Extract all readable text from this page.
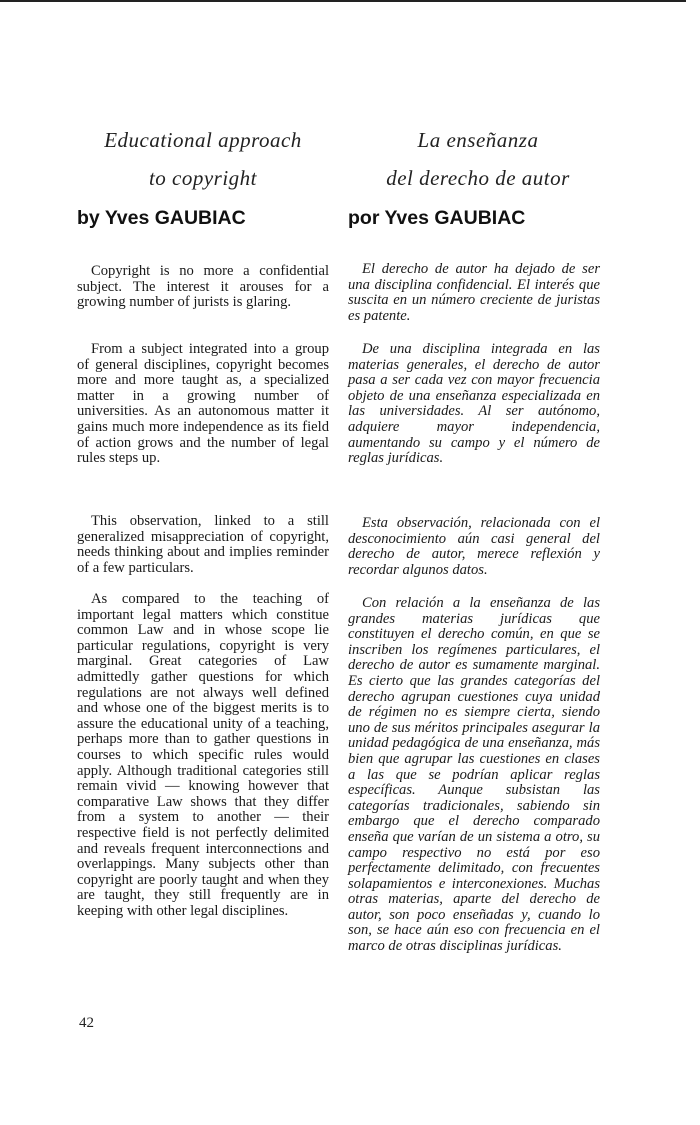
Educational approach
to copyright

by Yves GAUBIAC

Copyright is no more a confidential subject. The interest it arouses for a growing number of jurists is glaring.

From a subject integrated into a group of general disciplines, copyright becomes more and more taught as, a specialized matter in a growing number of universities. As an autonomous matter it gains much more independence as its field of action grows and the number of legal rules steps up.

This observation, linked to a still generalized misappreciation of copyright, needs thinking about and implies reminder of a few particulars.

As compared to the teaching of important legal matters which constitue common Law and in whose scope lie particular regulations, copyright is very marginal. Great categories of Law admittedly gather questions for which regulations are not always well defined and whose one of the biggest merits is to assure the educational unity of a teaching, perhaps more than to gather questions in courses to which specific rules would apply. Although traditional categories still remain vivid — knowing however that comparative Law shows that they differ from a system to another — their respective field is not perfectly delimited and reveals frequent interconnections and overlappings. Many subjects other than copyright are poorly taught and when they are taught, they still frequently are in keeping with other legal disciplines.

La enseñanza
del derecho de autor

por Yves GAUBIAC

El derecho de autor ha dejado de ser una disciplina confidencial. El interés que suscita en un número creciente de juristas es patente.

De una disciplina integrada en las materias generales, el derecho de autor pasa a ser cada vez con mayor frecuencia objeto de una enseñanza especializada en las universidades. Al ser autónomo, adquiere mayor independencia, aumentando su campo y el número de reglas jurídicas.

Esta observación, relacionada con el desconocimiento aún casi general del derecho de autor, merece reflexión y recordar algunos datos.

Con relación a la enseñanza de las grandes materias jurídicas que constituyen el derecho común, en que se inscriben los regímenes particulares, el derecho de autor es sumamente marginal. Es cierto que las grandes categorías del derecho agrupan cuestiones cuya unidad de régimen no es siempre cierta, siendo uno de sus méritos principales asegurar la unidad pedagógica de una enseñanza, más bien que agrupar las cuestiones en clases a las que se podrían aplicar reglas específicas. Aunque subsistan las categorías tradicionales, sabiendo sin embargo que el derecho comparado enseña que varían de un sistema a otro, su campo respectivo no está por eso perfectamente delimitado, con frecuentes solapamientos e interconexiones. Muchas otras materias, aparte del derecho de autor, son poco enseñadas y, cuando lo son, se hace aún eso con frecuencia en el marco de otras disciplinas jurídicas.

42
